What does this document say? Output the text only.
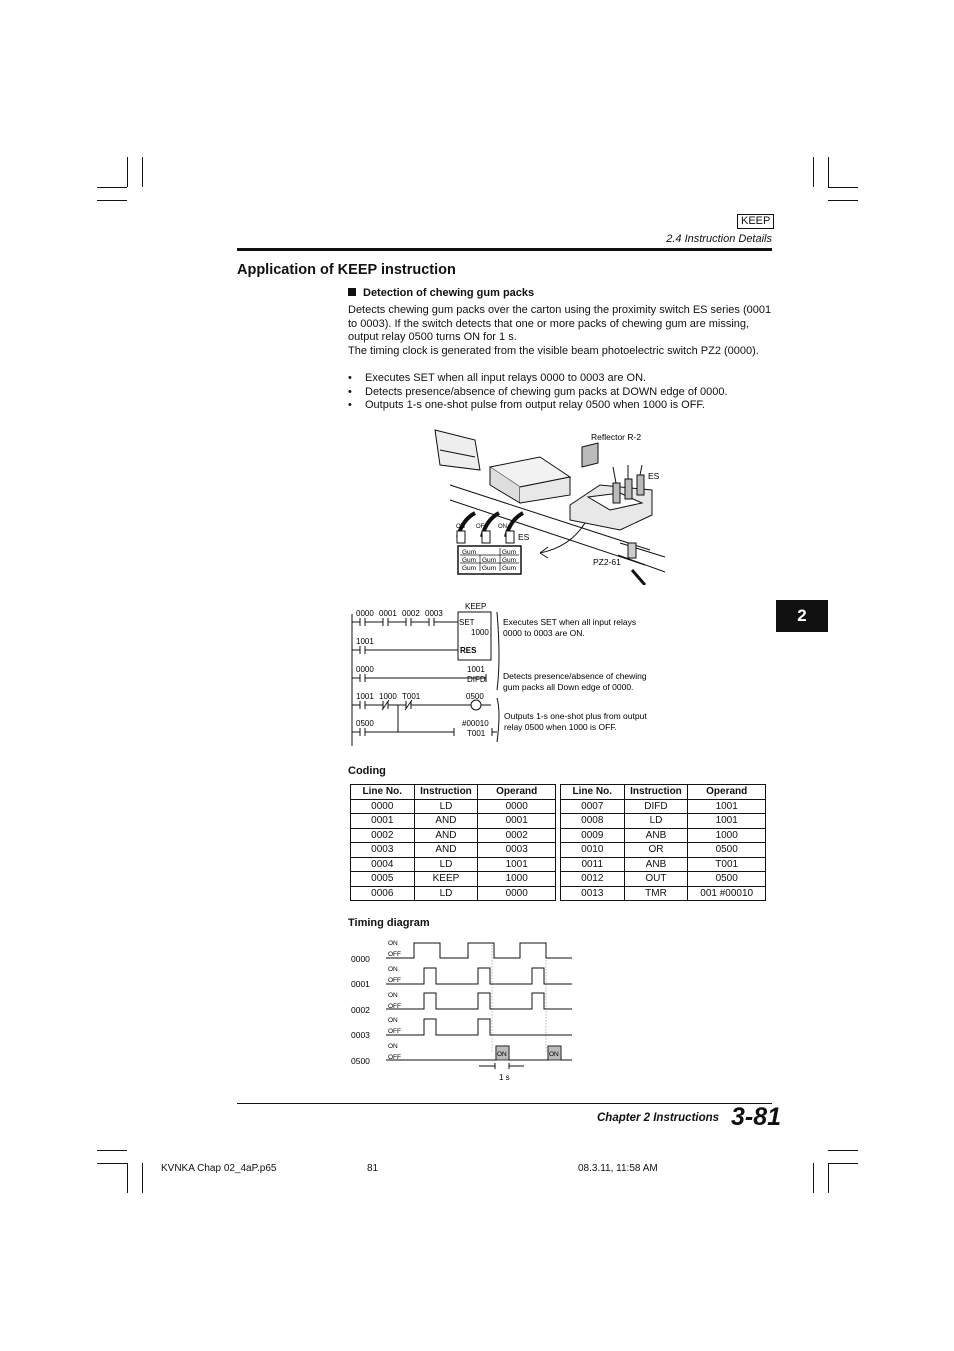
KEEP
2.4 Instruction Details
Application of KEEP instruction
Detection of chewing gum packs
Detects chewing gum packs over the carton using the proximity switch ES series (0001 to 0003). If the switch detects that one or more packs of chewing gum are missing, output relay 0500 turns ON for 1 s.
The timing clock is generated from the visible beam photoelectric switch PZ2 (0000).
• Executes SET when all input relays 0000 to 0003 are ON.
• Detects presence/absence of chewing gum packs at DOWN edge of 0000.
• Outputs 1-s one-shot pulse from output relay 0500 when 1000 is OFF.
Reflector R-2
ES
ES
PZ2-61
ON OFF ON
Gum	Gum
Gum Gum Gum
Gum Gum Gum
0000 0001 0002 0003
KEEP
SET
1000
RES
1001
0000	1001
DIFD
1001 1000 T001	0500
0500	#00010
T001
Executes SET when all input relays
0000 to 0003 are ON.
Detects presence/absence of chewing
gum packs all Down edge of 0000.
Outputs 1-s one-shot plus from output
relay 0500 when 1000 is OFF.
2
Coding
Line No.	Instruction	Operand
0000	LD	0000
0001	AND	0001
0002	AND	0002
0003	AND	0003
0004	LD	1001
0005	KEEP	1000
0006	LD	0000
Line No.	Instruction	Operand
0007	DIFD	1001
0008	LD	1001
0009	ANB	1000
0010	OR	0500
0011	ANB	T001
0012	OUT	0500
0013	TMR	001 #00010
Timing diagram
0000
0001
0002
0003
0500
ON
OFF
ON
OFF
ON
OFF
ON
OFF
ON
OFF	ON	ON
1 s
Chapter 2 Instructions 3-81
KVNKA Chap 02_4aP.p65	81	08.3.11, 11:58 AM
